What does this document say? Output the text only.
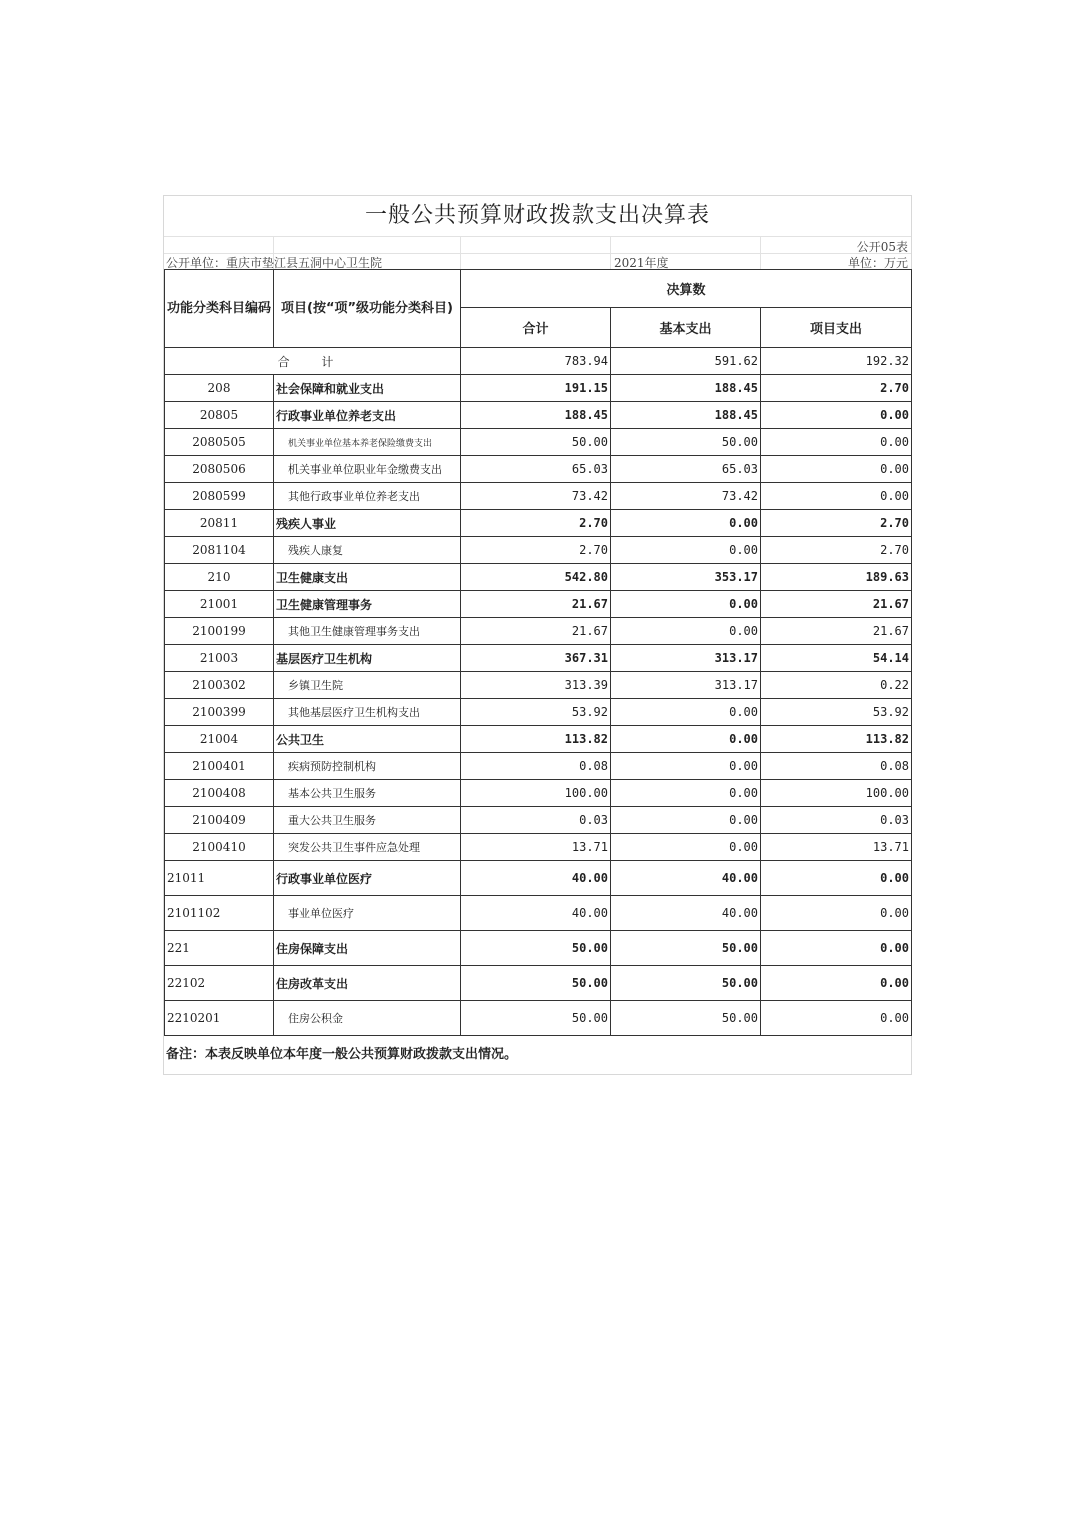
一般公共预算财政拨款支出决算表
公开05表
公开单位：重庆市垫江县五洞中心卫生院	2021年度	单位：万元
功能分类科目编码	项目(按“项”级功能分类科目)	决算数		
		合计	基本支出	项目支出
合 计		783.94	591.62	192.32
208	社会保障和就业支出	191.15	188.45	2.70
20805	行政事业单位养老支出	188.45	188.45	0.00
2080505	机关事业单位基本养老保险缴费支出	50.00	50.00	0.00
2080506	机关事业单位职业年金缴费支出	65.03	65.03	0.00
2080599	其他行政事业单位养老支出	73.42	73.42	0.00
20811	残疾人事业	2.70	0.00	2.70
2081104	残疾人康复	2.70	0.00	2.70
210	卫生健康支出	542.80	353.17	189.63
21001	卫生健康管理事务	21.67	0.00	21.67
2100199	其他卫生健康管理事务支出	21.67	0.00	21.67
21003	基层医疗卫生机构	367.31	313.17	54.14
2100302	乡镇卫生院	313.39	313.17	0.22
2100399	其他基层医疗卫生机构支出	53.92	0.00	53.92
21004	公共卫生	113.82	0.00	113.82
2100401	疾病预防控制机构	0.08	0.00	0.08
2100408	基本公共卫生服务	100.00	0.00	100.00
2100409	重大公共卫生服务	0.03	0.00	0.03
2100410	突发公共卫生事件应急处理	13.71	0.00	13.71
21011	行政事业单位医疗	40.00	40.00	0.00
2101102	事业单位医疗	40.00	40.00	0.00
221	住房保障支出	50.00	50.00	0.00
22102	住房改革支出	50.00	50.00	0.00
2210201	住房公积金	50.00	50.00	0.00
备注：本表反映单位本年度一般公共预算财政拨款支出情况。
